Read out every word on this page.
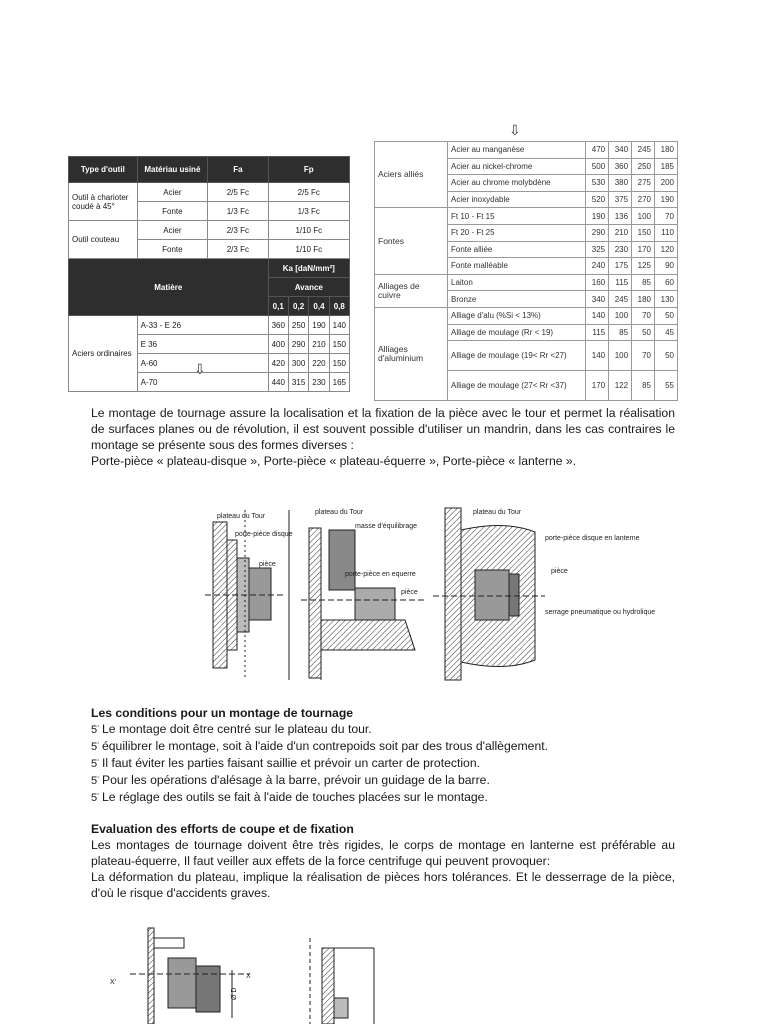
⇩
⇩
Type d'outil	Matériau usiné	Fa	Fp			
Outil à charioter coudé à 45°	Acier	2/5 Fc	2/5 Fc			
	Fonte	1/3 Fc	1/3 Fc			
Outil couteau	Acier	2/3 Fc	1/10 Fc			
	Fonte	2/3 Fc	1/10 Fc			
			Ka [daN/mm²]			
Matière			Avance			
			0,1	0,2	0,4	0,8
Aciers ordinaires	A-33 - E 26		360	250	190	140
	E 36		400	290	210	150
	A-60		420	300	220	150
	A-70		440	315	230	165
Aciers alliés	Acier au manganèse	470	340	245	180
	Acier au nickel-chrome	500	360	250	185
	Acier au chrome molybdène	530	380	275	200
	Acier inoxydable	520	375	270	190
Fontes	Ft 10 - Ft 15	190	136	100	70
	Ft 20 - Ft 25	290	210	150	110
	Fonte alliée	325	230	170	120
	Fonte malléable	240	175	125	90
Alliages de cuivre	Laiton	160	115	85	60
	Bronze	340	245	180	130
Alliages d'aluminium	Alliage d'alu (%Si < 13%)	140	100	70	50
	Alliage de moulage (Rr < 19)	115	85	50	45
	Alliage de moulage (19< Rr <27)	140	100	70	50
	Alliage de moulage (27< Rr <37)	170	122	85	55

Le montage de tournage assure la localisation et la fixation de la pièce avec le tour et permet la réalisation de surfaces planes ou de révolution, il est souvent possible d'utiliser un mandrin, dans les cas contraires le montage se présente sous des formes diverses :

Porte-pièce « plateau-disque », Porte-pièce « plateau-équerre », Porte-pièce « lanterne ».

plateau du Tour
porte-pièce disque
pièce
plateau du Tour
masse d'équilibrage
porte-pièce en equerre
pièce
plateau du Tour
porte-pièce disque en lanterne
pièce
serrage pneumatique ou hydrolique

Les conditions pour un montage de tournage

5̈ Le montage doit être centré sur le plateau du tour.

5̈ équilibrer le montage, soit à l'aide d'un contrepoids soit par des trous d'allègement.

5̈ Il faut éviter les parties faisant saillie et prévoir un carter de protection.

5̈ Pour les opérations d'alésage à la barre, prévoir un guidage de la barre.

5̈ Le réglage des outils se fait à l'aide de touches placées sur le montage.

Evaluation des efforts de coupe et de fixation

Les montages de tournage doivent être très rigides, le corps de montage en lanterne est préférable au plateau-équerre, Il faut veiller aux effets de la force centrifuge qui peuvent provoquer:

La déformation du plateau, implique la réalisation de pièces hors tolérances. Et le desserrage de la pièce, d'où le risque d'accidents graves.

X'
X
Ø D
